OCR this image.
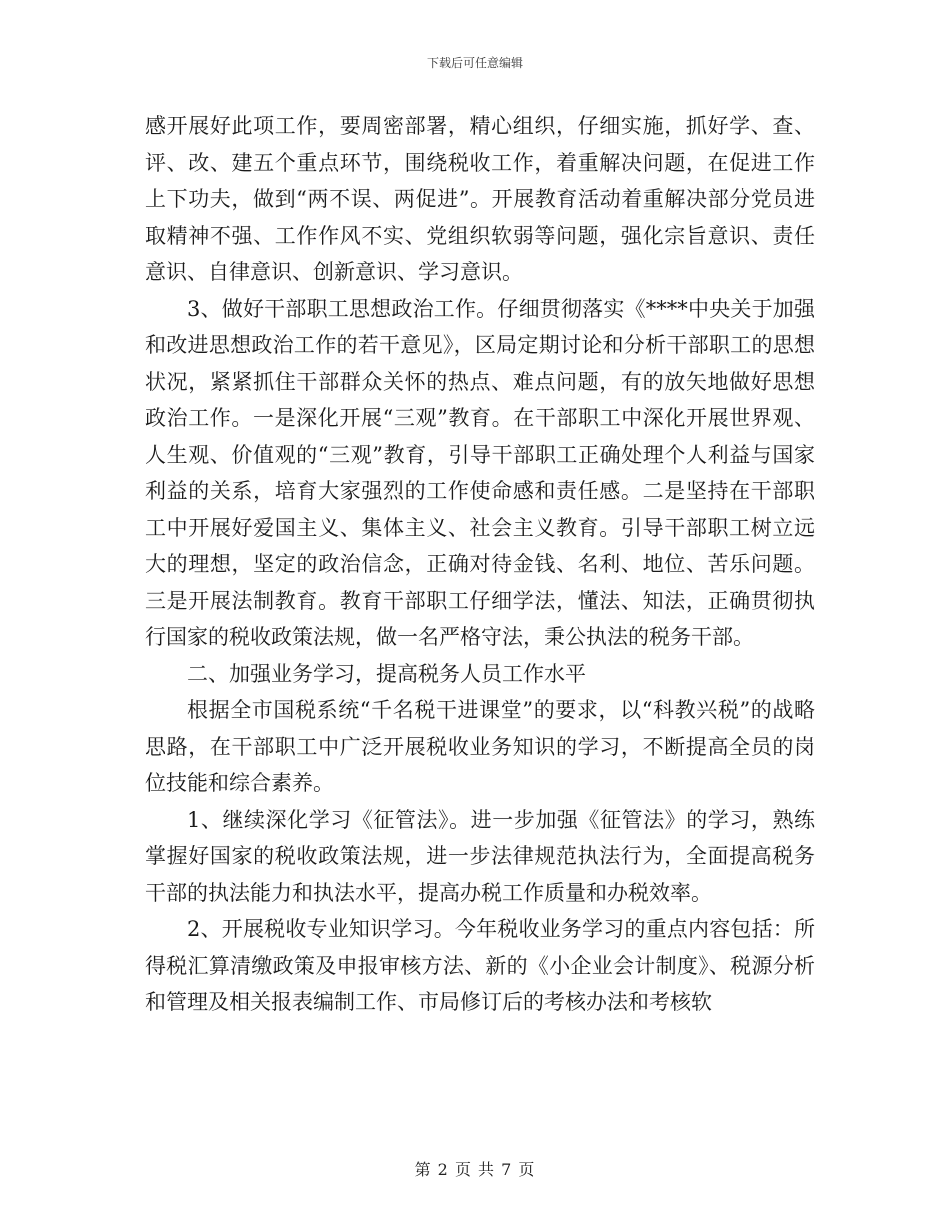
下载后可任意编辑

感开展好此项工作，要周密部署，精心组织，仔细实施，抓好学、查、评、改、建五个重点环节，围绕税收工作，着重解决问题，在促进工作上下功夫，做到“两不误、两促进”。开展教育活动着重解决部分党员进取精神不强、工作作风不实、党组织软弱等问题，强化宗旨意识、责任意识、自律意识、创新意识、学习意识。

3、做好干部职工思想政治工作。仔细贯彻落实《****中央关于加强和改进思想政治工作的若干意见》，区局定期讨论和分析干部职工的思想状况，紧紧抓住干部群众关怀的热点、难点问题，有的放矢地做好思想政治工作。一是深化开展“三观”教育。在干部职工中深化开展世界观、人生观、价值观的“三观”教育，引导干部职工正确处理个人利益与国家利益的关系，培育大家强烈的工作使命感和责任感。二是坚持在干部职工中开展好爱国主义、集体主义、社会主义教育。引导干部职工树立远大的理想，坚定的政治信念，正确对待金钱、名利、地位、苦乐问题。三是开展法制教育。教育干部职工仔细学法，懂法、知法，正确贯彻执行国家的税收政策法规，做一名严格守法，秉公执法的税务干部。

二、加强业务学习，提高税务人员工作水平

根据全市国税系统“千名税干进课堂”的要求，以“科教兴税”的战略思路，在干部职工中广泛开展税收业务知识的学习，不断提高全员的岗位技能和综合素养。

1、继续深化学习《征管法》。进一步加强《征管法》的学习，熟练掌握好国家的税收政策法规，进一步法律规范执法行为，全面提高税务干部的执法能力和执法水平，提高办税工作质量和办税效率。

2、开展税收专业知识学习。今年税收业务学习的重点内容包括：所得税汇算清缴政策及申报审核方法、新的《小企业会计制度》、税源分析和管理及相关报表编制工作、市局修订后的考核办法和考核软

第 2 页 共 7 页
